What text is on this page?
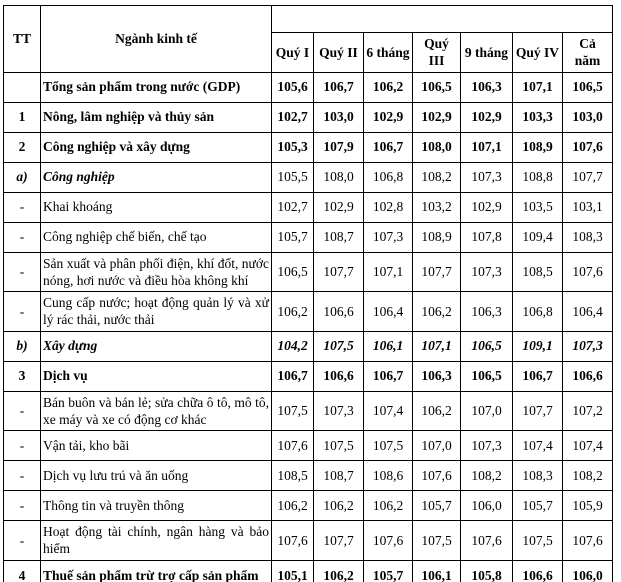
TT	Ngành kinh tế							
		Quý I	Quý II	6 tháng	Quý III	9 tháng	Quý IV	Cả năm
	Tổng sản phẩm trong nước (GDP)	105,6	106,7	106,2	106,5	106,3	107,1	106,5
1	Nông, lâm nghiệp và thủy sản	102,7	103,0	102,9	102,9	102,9	103,3	103,0
2	Công nghiệp và xây dựng	105,3	107,9	106,7	108,0	107,1	108,9	107,6
a)	Công nghiệp	105,5	108,0	106,8	108,2	107,3	108,8	107,7
-	Khai khoáng	102,7	102,9	102,8	103,2	102,9	103,5	103,1
-	Công nghiệp chế biến, chế tạo	105,7	108,7	107,3	108,9	107,8	109,4	108,3
-	Sản xuất và phân phối điện, khí đốt, nước nóng, hơi nước và điều hòa không khí	106,5	107,7	107,1	107,7	107,3	108,5	107,6
-	Cung cấp nước; hoạt động quản lý và xử lý rác thải, nước thải	106,2	106,6	106,4	106,2	106,3	106,8	106,4
b)	Xây dựng	104,2	107,5	106,1	107,1	106,5	109,1	107,3
3	Dịch vụ	106,7	106,6	106,7	106,3	106,5	106,7	106,6
-	Bán buôn và bán lẻ; sửa chữa ô tô, mô tô, xe máy và xe có động cơ khác	107,5	107,3	107,4	106,2	107,0	107,7	107,2
-	Vận tải, kho bãi	107,6	107,5	107,5	107,0	107,3	107,4	107,4
-	Dịch vụ lưu trú và ăn uống	108,5	108,7	108,6	107,6	108,2	108,3	108,2
-	Thông tin và truyền thông	106,2	106,2	106,2	105,7	106,0	105,7	105,9
-	Hoạt động tài chính, ngân hàng và bảo hiểm	107,6	107,7	107,6	107,5	107,6	107,5	107,6
4	Thuế sản phẩm trừ trợ cấp sản phẩm	105,1	106,2	105,7	106,1	105,8	106,6	106,0
